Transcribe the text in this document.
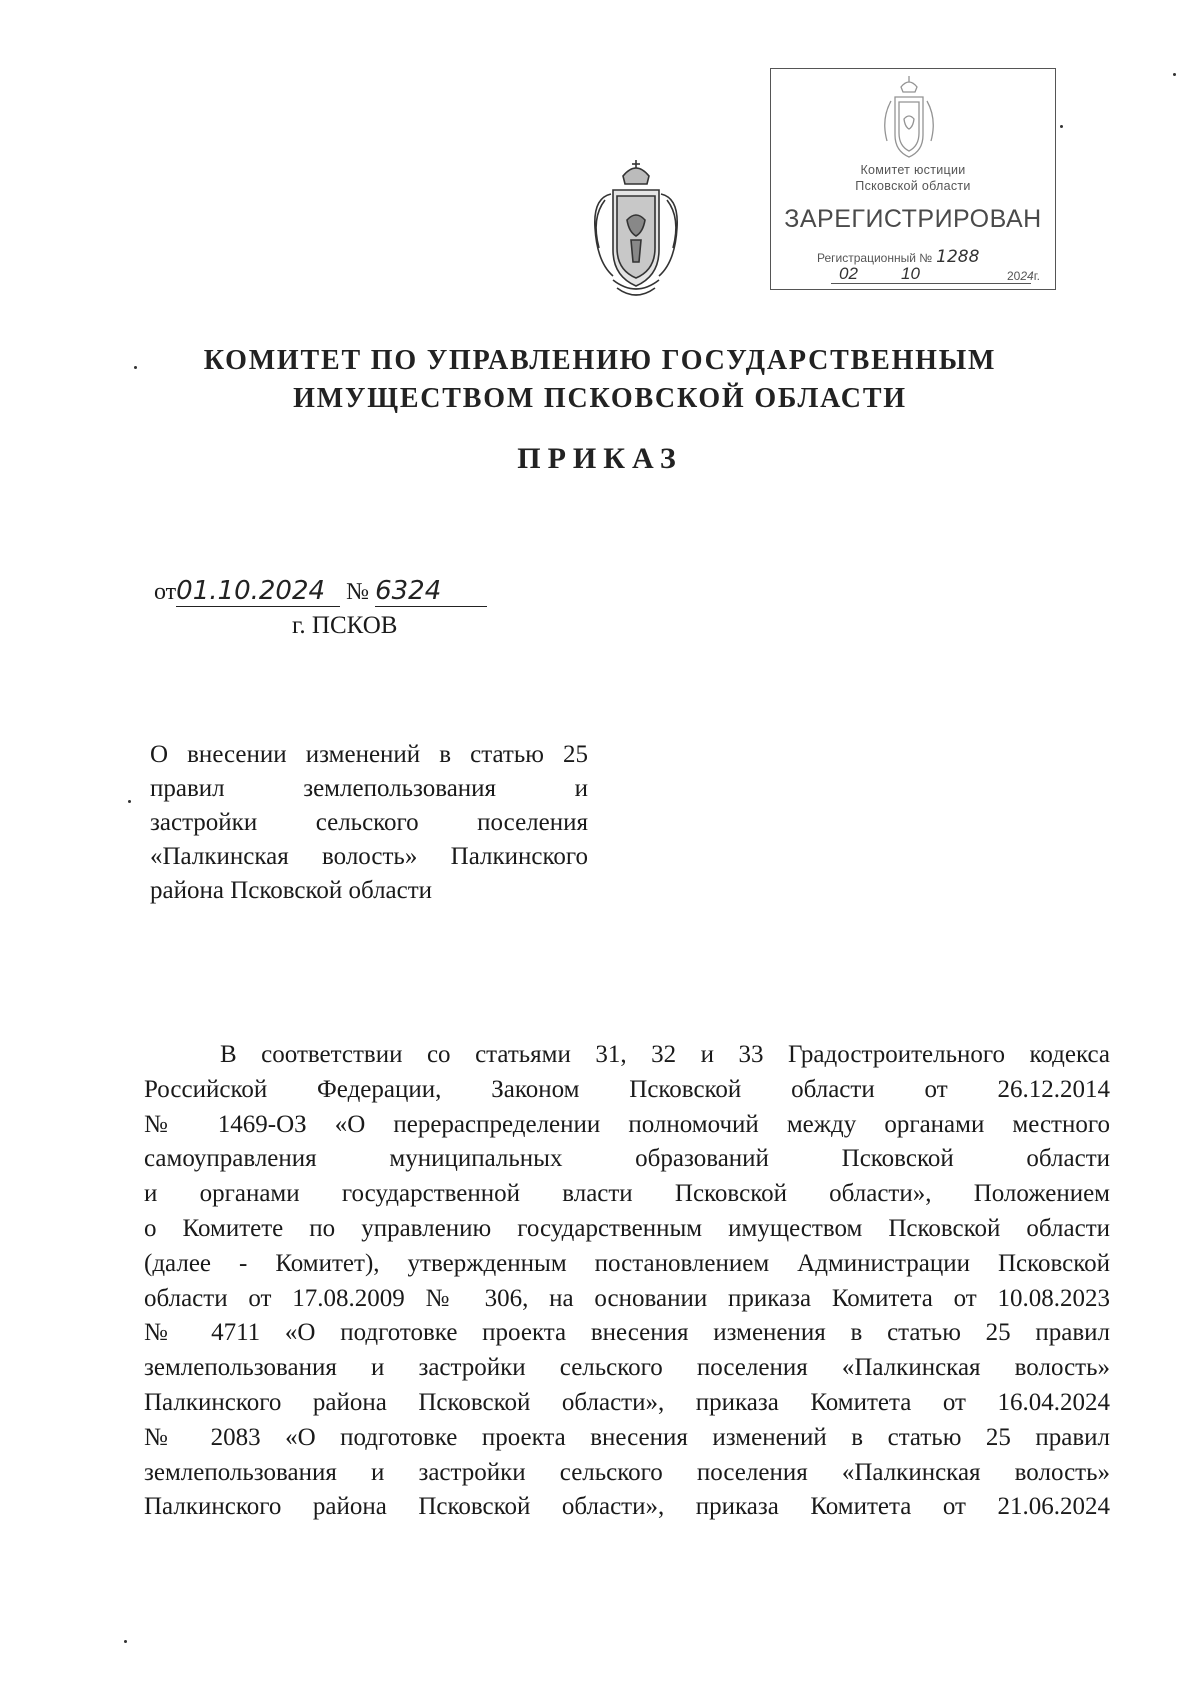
Комитет юстиции
Псковской области
ЗАРЕГИСТРИРОВАН
Регистрационный № 1288
02	10	2024г.
КОМИТЕТ ПО УПРАВЛЕНИЮ ГОСУДАРСТВЕННЫМ
ИМУЩЕСТВОМ ПСКОВСКОЙ ОБЛАСТИ
ПРИКАЗ
от01.10.2024 № 6324
г. ПСКОВ
О внесении изменений в статью 25
правил землепользования и
застройки сельского поселения
«Палкинская волость» Палкинского
района Псковской области
В соответствии со статьями 31, 32 и 33 Градостроительного кодекса
Российской Федерации, Законом Псковской области от 26.12.2014
№ 1469-ОЗ «О перераспределении полномочий между органами местного
самоуправления муниципальных образований Псковской области
и органами государственной власти Псковской области», Положением
о Комитете по управлению государственным имуществом Псковской области
(далее - Комитет), утвержденным постановлением Администрации Псковской
области от 17.08.2009 № 306, на основании приказа Комитета от 10.08.2023
№ 4711 «О подготовке проекта внесения изменения в статью 25 правил
землепользования и застройки сельского поселения «Палкинская волость»
Палкинского района Псковской области», приказа Комитета от 16.04.2024
№ 2083 «О подготовке проекта внесения изменений в статью 25 правил
землепользования и застройки сельского поселения «Палкинская волость»
Палкинского района Псковской области», приказа Комитета от 21.06.2024
